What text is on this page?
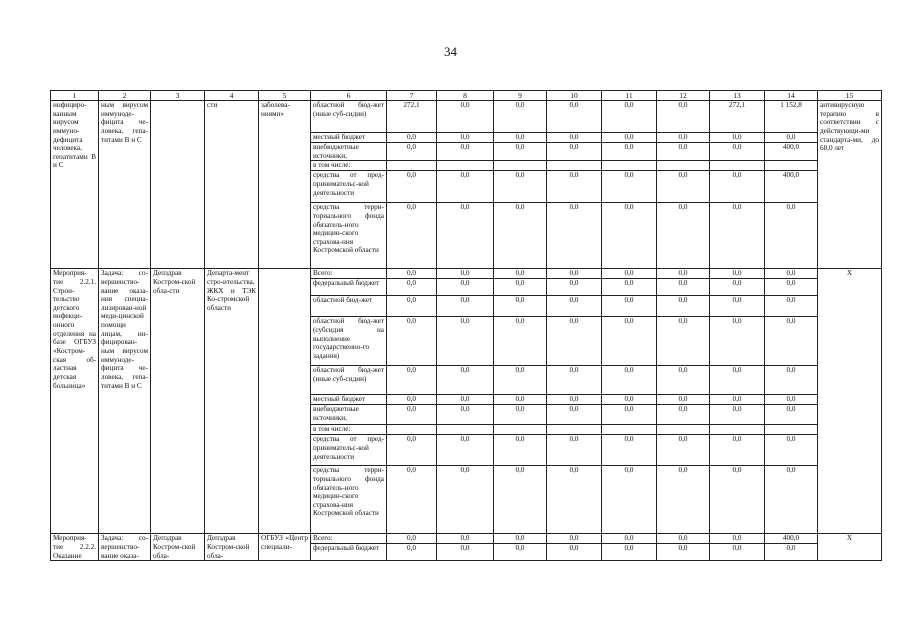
34
1	2	3	4	5	6	7	8	9	10	11	12	13	14	15
инфициро-ванным вирусом иммуно-дефицита человека, гепатитами В и С	ным вирусом иммуноде-фицита че-ловека, гепа-титами В и С		сти	заболева-ниями»	областной бюд-жет (иные суб-сидии)	272,1	0,0	0,0	0,0	0,0	0,0	272,1	1 152,8	антивирусную терапию в соответствии с действующи-ми стандарта-ми, до 68,0 лет
					местный бюджет	0,0	0,0	0,0	0,0	0,0	0,0	0,0	0,0	
					внебюджетные источники,	0,0	0,0	0,0	0,0	0,0	0,0	0,0	400,0	
					в том числе:									
					средства от пред-принимательс-кой деятельности	0,0	0,0	0,0	0,0	0,0	0,0	0,0	400,0	
					средства терри-ториального фонда обязатель-ного медицин-ского страхова-ния Костромской области	0,0	0,0	0,0	0,0	0,0	0,0	0,0	0,0	
Мероприя-тие 2.2.1. Строи-тельство детского инфекци-онного отделения на базе ОГБУЗ «Костром-ская об-ластная детская больница»	Задача: со-вершенство-вание оказа-ния специа-лизирован-ной меди-цинской помощи лицам, ин-фицирован-ным вирусом иммуноде-фицита че-ловека, гепа-титами В и С	Депздрав Костром-ской обла-сти	Департа-мент стро-ительства, ЖКХ и ТЭК Ко-стромской области		Всего:	0,0	0,0	0,0	0,0	0,0	0,0	0,0	0,0	X
					федеральный бюджет	0,0	0,0	0,0	0,0	0,0	0,0	0,0	0,0	
					областной бюд-жет	0,0	0,0	0,0	0,0	0,0	0,0	0,0	0,0	
					областной бюд-жет (субсидия на выполнение государственно-го задания)	0,0	0,0	0,0	0,0	0,0	0,0	0,0	0,0	
					областной бюд-жет (иные суб-сидии)	0,0	0,0	0,0	0,0	0,0	0,0	0,0	0,0	
					местный бюджет	0,0	0,0	0,0	0,0	0,0	0,0	0,0	0,0	
					внебюджетные источники,	0,0	0,0	0,0	0,0	0,0	0,0	0,0	0,0	
					в том числе:									
					средства от пред-принимательс-кой деятельности	0,0	0,0	0,0	0,0	0,0	0,0	0,0	0,0	
					средства терри-ториального фонда обязатель-ного медицин-ского страхова-ния Костромской области	0,0	0,0	0,0	0,0	0,0	0,0	0,0	0,0	
Мероприя-тие 2.2.2. Оказание	Задача: со-вершенство-вание оказа-	Депздрав Костром-ской обла-	Депздрав Костром-ской обла-	ОГБУЗ «Центр специали-	Всего:	0,0	0,0	0,0	0,0	0,0	0,0	0,0	400,0	X
					федеральный бюджет	0,0	0,0	0,0	0,0	0,0	0,0	0,0	0,0	
